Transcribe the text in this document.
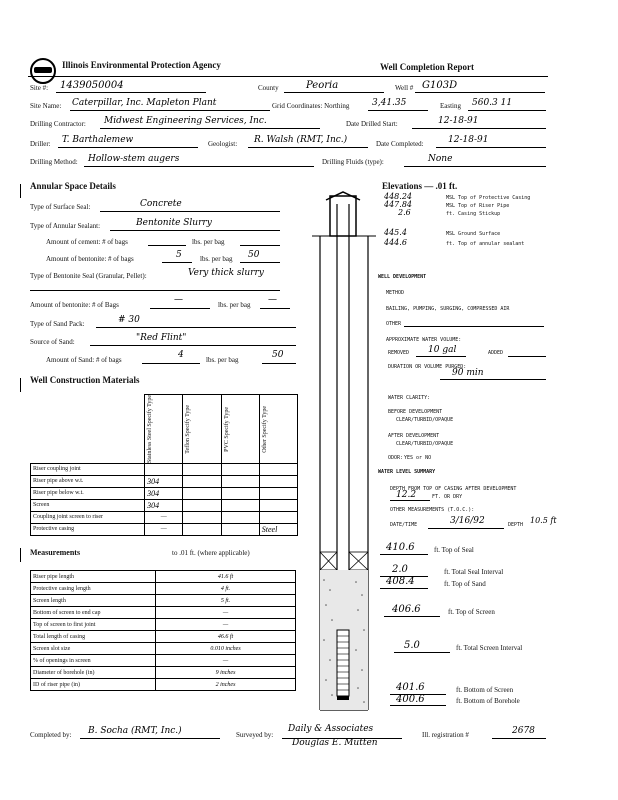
Illinois Environmental Protection Agency	Well Completion Report
Site #: 1439050004	County	Peoria	Well # G103D
Site Name: Caterpillar, Inc. Mapleton Plant	Grid Coordinates: Northing	3,41.35	Easting 560.3 11
Drilling Contractor: Midwest Engineering Services, Inc.	Date Drilled Start:	12-18-91
Driller: T. Barthalemew	Geologist: R. Walsh (RMT, Inc.)	Date Completed:	12-18-91
Drilling Method: Hollow-stem augers	Drilling Fluids (type):	None
Annular Space Details
Type of Surface Seal:	Concrete
Type of Annular Sealant:	Bentonite Slurry
Amount of cement: # of bags	lbs. per bag
Amount of bentonite: # of bags	5	lbs. per bag 50
Type of Bentonite Seal (Granular, Pellet):	Very thick slurry
Amount of bentonite: # of Bags	—	lbs. per bag —
Type of Sand Pack:	# 30
Source of Sand:	"Red Flint"
Amount of Sand: # of bags	4	lbs. per bag	50
Well Construction Materials

	Stainless Steel Specify Type	Teflon Specify Type	PVC Specify Type	Other Specify Type

Riser coupling joint				
Riser pipe above w.t.	304			
Riser pipe below w.t.	304			
Screen	304			
Coupling joint screen to riser	—			
Protective casing	—			Steel
Measurements	to .01 ft. (where applicable)
Riser pipe length	41.6 ft
Protective casing length	4 ft.
Screen length	5 ft.
Bottom of screen to end cap	—
Top of screen to first joint	—
Total length of casing	46.6 ft
Screen slot size	0.010 inches
% of openings in screen	—
Diameter of borehole (in)	9 inches
ID of riser pipe (in)	2 inches
Elevations — .01 ft.
448.24	MSL Top of Protective Casing
447.84	MSL Top of Riser Pipe
2.6	ft. Casing Stickup
445.4	MSL Ground Surface
444.6	ft. Top of annular sealant
WELL DEVELOPMENT
METHOD
BAILING, PUMPING, SURGING, COMPRESSED AIR
OTHER
APPROXIMATE WATER VOLUME:
REMOVED 10 gal	ADDED
DURATION OR VOLUME PURGED:
90 min
WATER CLARITY:
BEFORE DEVELOPMENT
CLEAR/TURBID/OPAQUE
AFTER DEVELOPMENT
CLEAR/TURBID/OPAQUE
ODOR: YES or NO
WATER LEVEL SUMMARY
DEPTH FROM TOP OF CASING AFTER DEVELOPMENT
12.2	FT. OR DRY
OTHER MEASUREMENTS (T.O.C.):
DATE/TIME	3/16/92	DEPTH 10.5 ft
410.6	ft. Top of Seal
2.0	ft. Total Seal Interval
408.4	ft. Top of Sand
406.6	ft. Top of Screen
5.0	ft. Total Screen Interval
401.6	ft. Bottom of Screen
400.6	ft. Bottom of Borehole
Completed by: B. Socha (RMT, Inc.)	Surveyed by:
Daily & Associates
Douglas E. Mutten
Ill. registration #	2678
